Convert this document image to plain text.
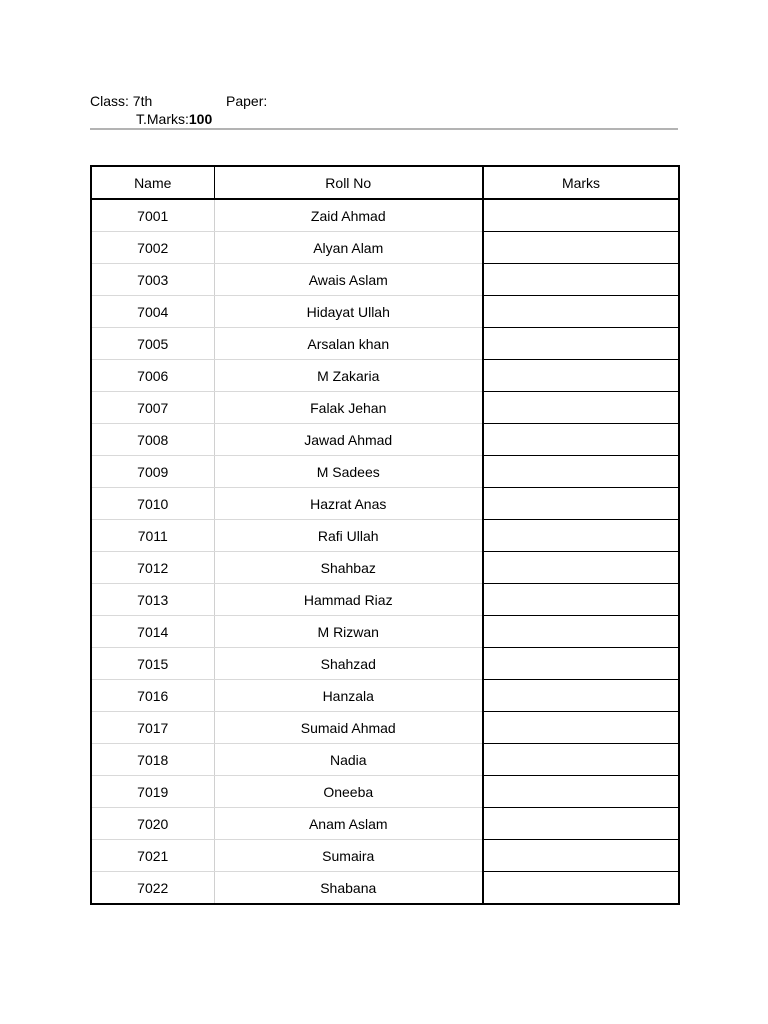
Class: 7th	Paper:
T.Marks:100
Name	Roll No	Marks
7001	Zaid Ahmad	
7002	Alyan Alam	
7003	Awais Aslam	
7004	Hidayat Ullah	
7005	Arsalan khan	
7006	M Zakaria	
7007	Falak Jehan	
7008	Jawad Ahmad	
7009	M Sadees	
7010	Hazrat Anas	
7011	Rafi Ullah	
7012	Shahbaz	
7013	Hammad Riaz	
7014	M Rizwan	
7015	Shahzad	
7016	Hanzala	
7017	Sumaid Ahmad	
7018	Nadia	
7019	Oneeba	
7020	Anam Aslam	
7021	Sumaira	
7022	Shabana	
